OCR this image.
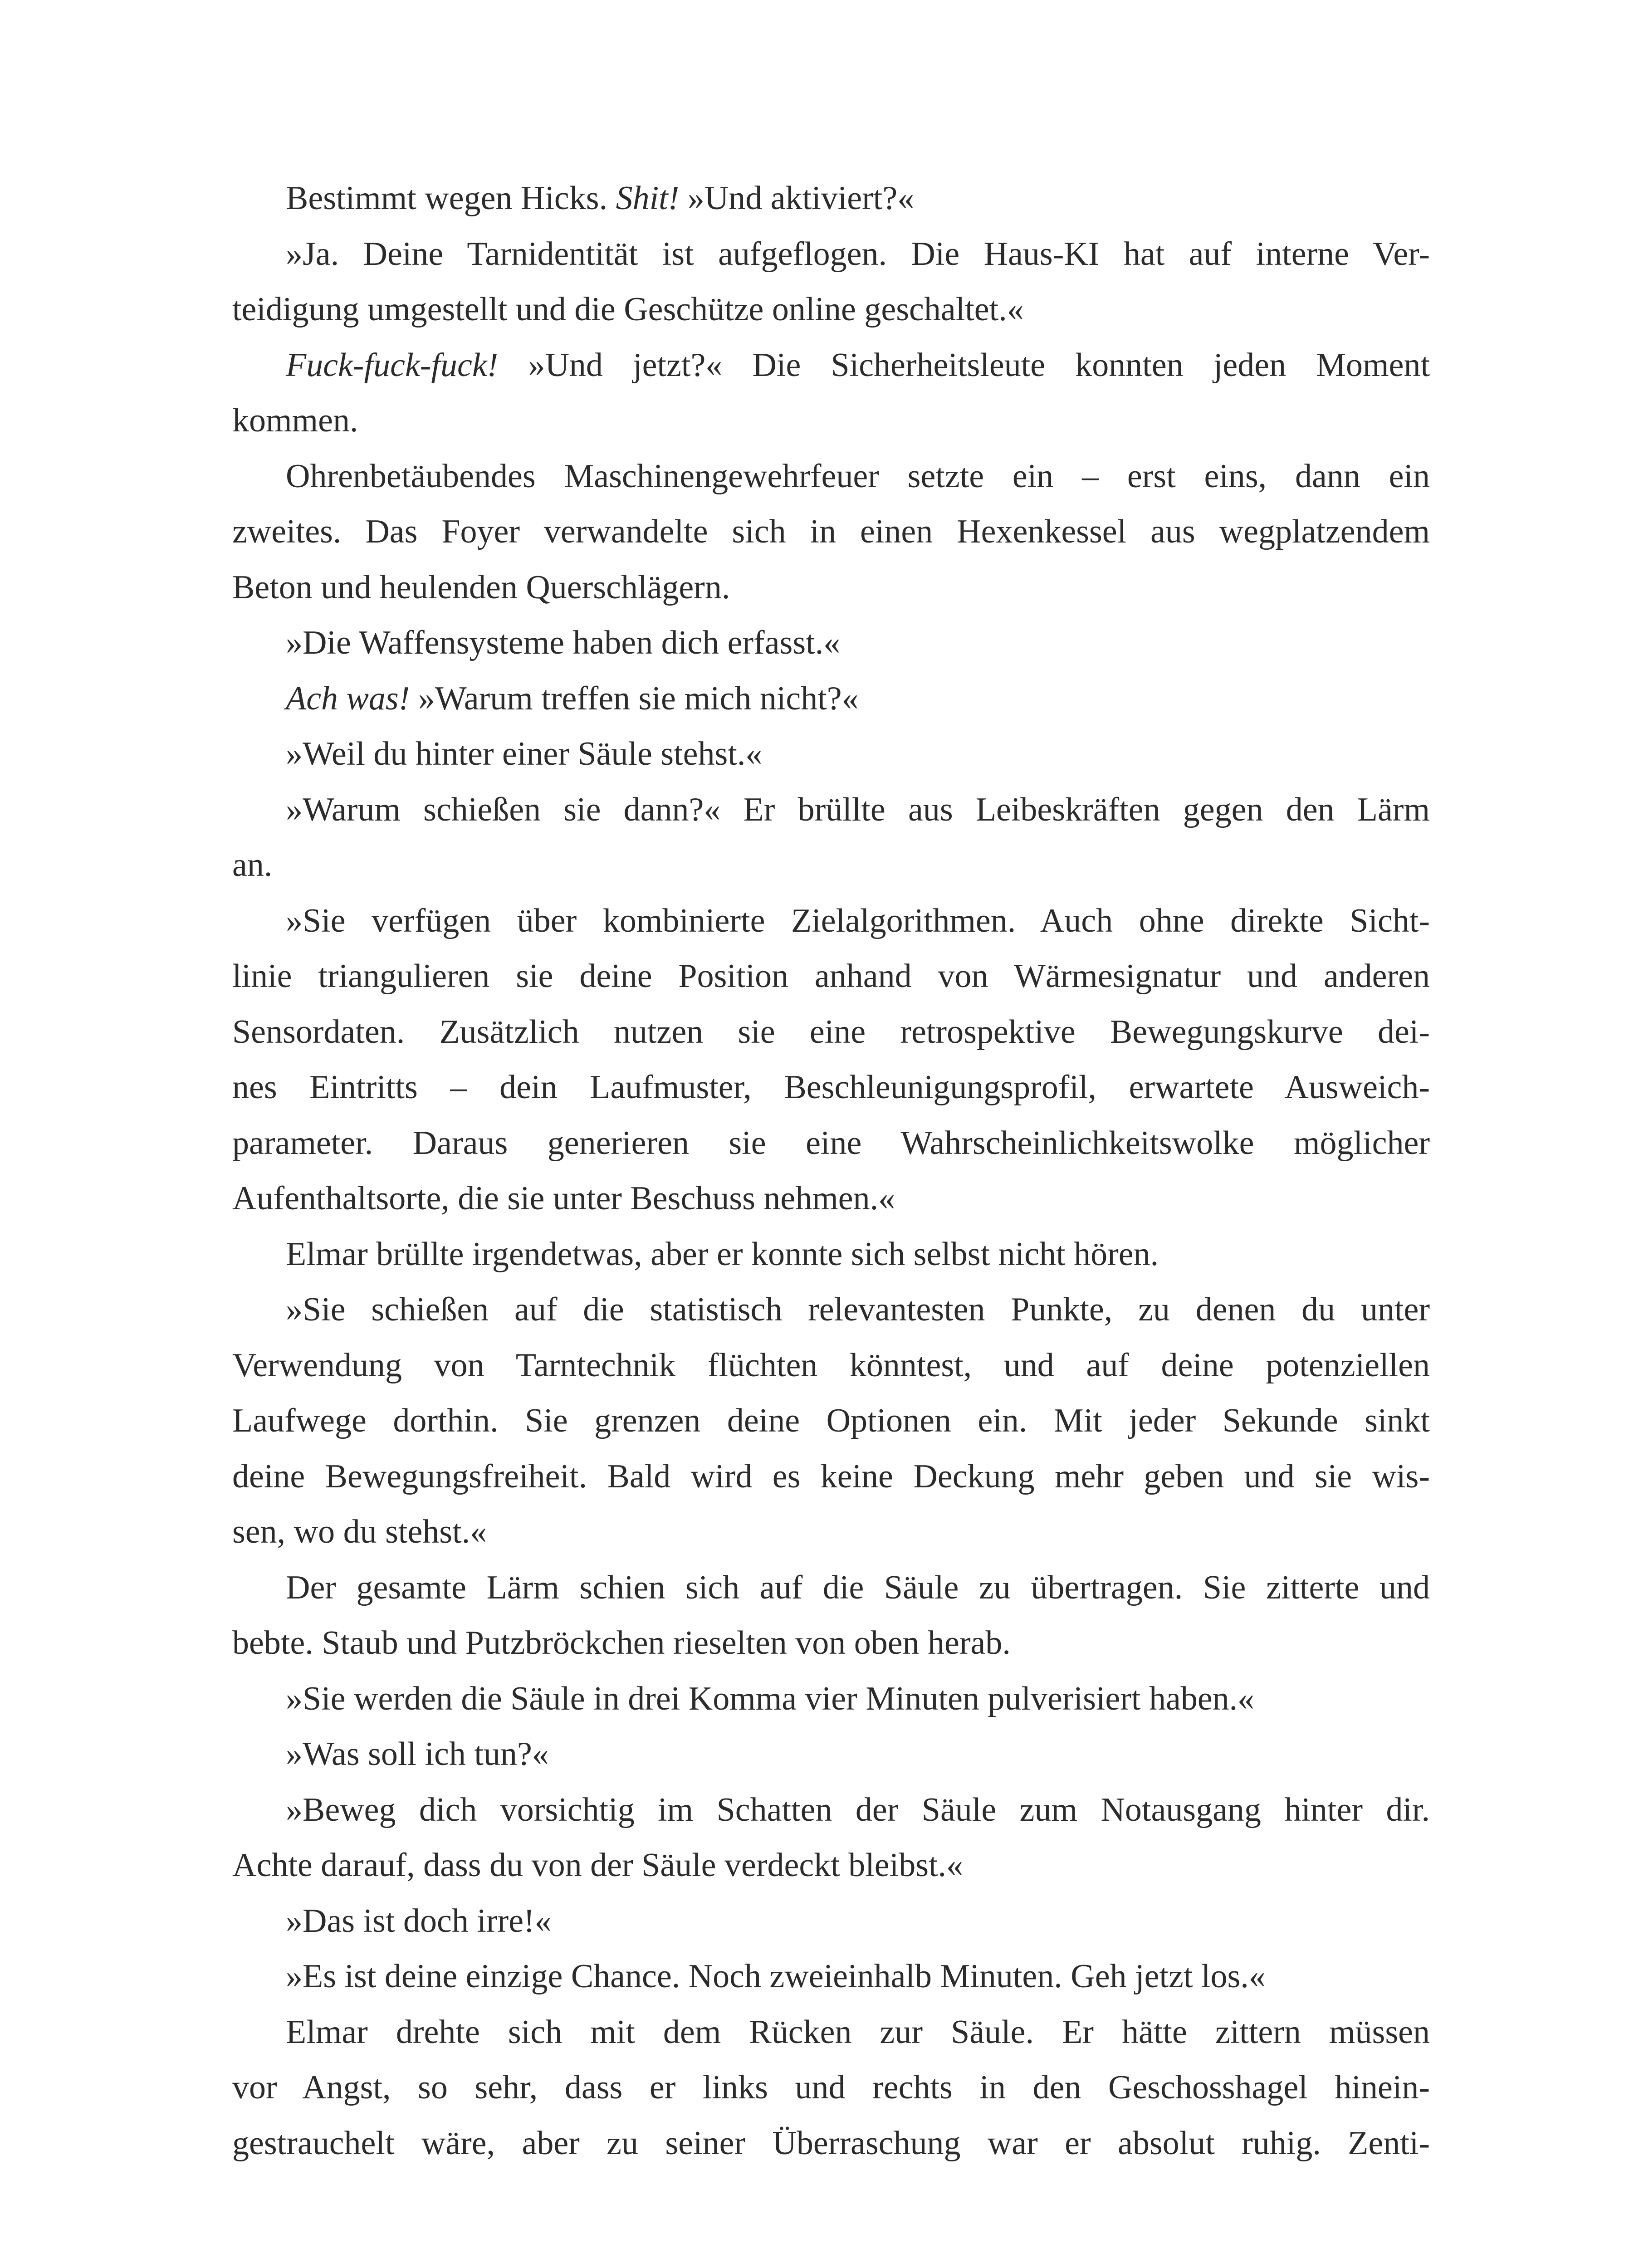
Bestimmt wegen Hicks. Shit! »Und aktiviert?«
»Ja. Deine Tarnidentität ist aufgeflogen. Die Haus-KI hat auf interne Ver-
teidigung umgestellt und die Geschütze online geschaltet.«
Fuck-fuck-fuck! »Und jetzt?« Die Sicherheitsleute konnten jeden Moment
kommen.
Ohrenbetäubendes Maschinengewehrfeuer setzte ein – erst eins, dann ein
zweites. Das Foyer verwandelte sich in einen Hexenkessel aus wegplatzendem
Beton und heulenden Querschlägern.
»Die Waffensysteme haben dich erfasst.«
Ach was! »Warum treffen sie mich nicht?«
»Weil du hinter einer Säule stehst.«
»Warum schießen sie dann?« Er brüllte aus Leibeskräften gegen den Lärm
an.
»Sie verfügen über kombinierte Zielalgorithmen. Auch ohne direkte Sicht-
linie triangulieren sie deine Position anhand von Wärmesignatur und anderen
Sensordaten. Zusätzlich nutzen sie eine retrospektive Bewegungskurve dei-
nes Eintritts – dein Laufmuster, Beschleunigungsprofil, erwartete Ausweich-
parameter. Daraus generieren sie eine Wahrscheinlichkeitswolke möglicher
Aufenthaltsorte, die sie unter Beschuss nehmen.«
Elmar brüllte irgendetwas, aber er konnte sich selbst nicht hören.
»Sie schießen auf die statistisch relevantesten Punkte, zu denen du unter
Verwendung von Tarntechnik flüchten könntest, und auf deine potenziellen
Laufwege dorthin. Sie grenzen deine Optionen ein. Mit jeder Sekunde sinkt
deine Bewegungsfreiheit. Bald wird es keine Deckung mehr geben und sie wis-
sen, wo du stehst.«
Der gesamte Lärm schien sich auf die Säule zu übertragen. Sie zitterte und
bebte. Staub und Putzbröckchen rieselten von oben herab.
»Sie werden die Säule in drei Komma vier Minuten pulverisiert haben.«
»Was soll ich tun?«
»Beweg dich vorsichtig im Schatten der Säule zum Notausgang hinter dir.
Achte darauf, dass du von der Säule verdeckt bleibst.«
»Das ist doch irre!«
»Es ist deine einzige Chance. Noch zweieinhalb Minuten. Geh jetzt los.«
Elmar drehte sich mit dem Rücken zur Säule. Er hätte zittern müssen
vor Angst, so sehr, dass er links und rechts in den Geschosshagel hinein-
gestrauchelt wäre, aber zu seiner Überraschung war er absolut ruhig. Zenti-
